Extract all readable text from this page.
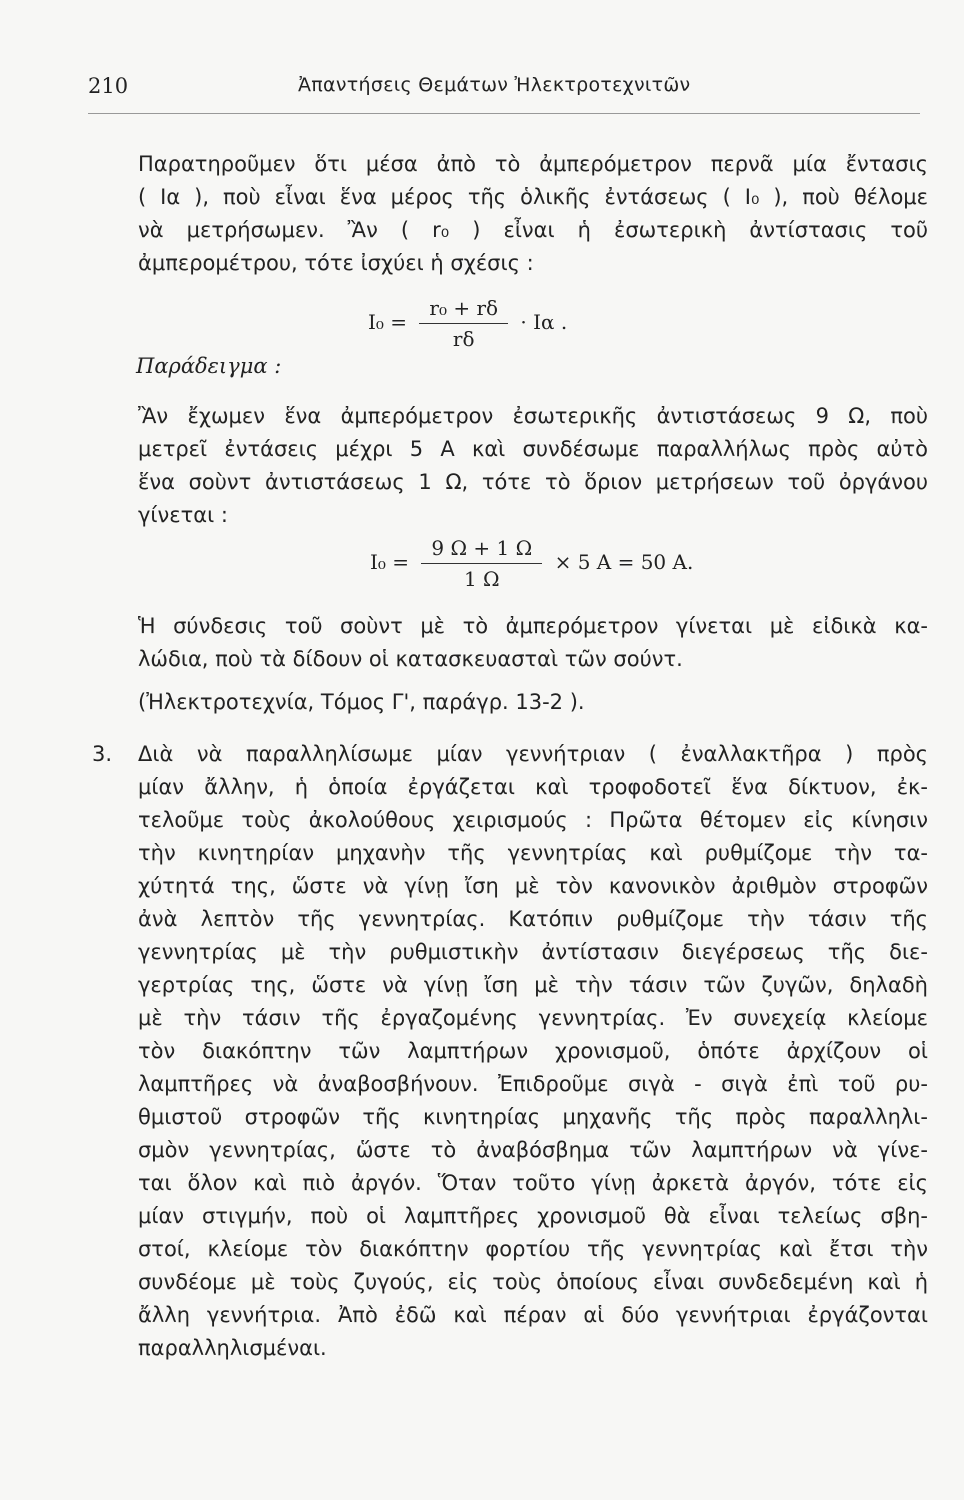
210	Ἀπαντήσεις Θεμάτων Ἠλεκτροτεχνιτῶν
Παρατηροῦμεν ὅτι μέσα ἀπὸ τὸ ἀμπερόμετρον περνᾶ μία ἔντασις
( Iα ), ποὺ εἶναι ἕνα μέρος τῆς ὁλικῆς ἐντάσεως ( I₀ ), ποὺ θέλομε
νὰ μετρήσωμεν. Ἂν ( r₀ ) εἶναι ἡ ἐσωτερικὴ ἀντίστασις τοῦ
ἀμπερομέτρου, τότε ἰσχύει ἡ σχέσις :
$I_0 = \frac{\text{r₀ + rδ}}{r\delta} \cdot I\alpha$ .
Παράδειγμα :
Ἂν ἔχωμεν ἕνα ἀμπερόμετρον ἐσωτερικῆς ἀντιστάσεως 9 Ω, ποὺ
μετρεῖ ἐντάσεις μέχρι 5 A καὶ συνδέσωμε παραλλήλως πρὸς αὐτὸ
ἕνα σοὺντ ἀντιστάσεως 1 Ω, τότε τὸ ὅριον μετρήσεων τοῦ ὀργάνου
γίνεται :
$I_0 = \frac{9 \Omega + 1 \Omega}{1 \Omega} \times 5$ A = 50 A.
Ἡ σύνδεσις τοῦ σοὺντ μὲ τὸ ἀμπερόμετρον γίνεται μὲ εἰδικὰ κα-
λώδια, ποὺ τὰ δίδουν οἱ κατασκευασταὶ τῶν σούντ.
(Ἠλεκτροτεχνία, Τόμος Γ', παράγρ. 13-2 ).
3. Διὰ νὰ παραλληλίσωμε μίαν γεννήτριαν ( ἐναλλακτῆρα ) πρὸς
μίαν ἄλλην, ἡ ὁποία ἐργάζεται καὶ τροφοδοτεῖ ἕνα δίκτυον, ἐκ-
τελοῦμε τοὺς ἀκολούθους χειρισμούς : Πρῶτα θέτομεν εἰς κίνησιν
τὴν κινητηρίαν μηχανὴν τῆς γεννητρίας καὶ ρυθμίζομε τὴν τα-
χύτητά της, ὥστε νὰ γίνῃ ἴση μὲ τὸν κανονικὸν ἀριθμὸν στροφῶν
ἀνὰ λεπτὸν τῆς γεννητρίας. Κατόπιν ρυθμίζομε τὴν τάσιν τῆς
γεννητρίας μὲ τὴν ρυθμιστικὴν ἀντίστασιν διεγέρσεως τῆς διε-
γερτρίας της, ὥστε νὰ γίνῃ ἴση μὲ τὴν τάσιν τῶν ζυγῶν, δηλαδὴ
μὲ τὴν τάσιν τῆς ἐργαζομένης γεννητρίας. Ἐν συνεχείᾳ κλείομε
τὸν διακόπτην τῶν λαμπτήρων χρονισμοῦ, ὁπότε ἀρχίζουν οἱ
λαμπτῆρες νὰ ἀναβοσβήνουν. Ἐπιδροῦμε σιγὰ - σιγὰ ἐπὶ τοῦ ρυ-
θμιστοῦ στροφῶν τῆς κινητηρίας μηχανῆς τῆς πρὸς παραλληλι-
σμὸν γεννητρίας, ὥστε τὸ ἀναβόσβημα τῶν λαμπτήρων νὰ γίνε-
ται ὅλον καὶ πιὸ ἀργόν. Ὅταν τοῦτο γίνῃ ἀρκετὰ ἀργόν, τότε εἰς
μίαν στιγμήν, ποὺ οἱ λαμπτῆρες χρονισμοῦ θὰ εἶναι τελείως σβη-
στοί, κλείομε τὸν διακόπτην φορτίου τῆς γεννητρίας καὶ ἔτσι τὴν
συνδέομε μὲ τοὺς ζυγούς, εἰς τοὺς ὁποίους εἶναι συνδεδεμένη καὶ ἡ
ἄλλη γεννήτρια. Ἀπὸ ἐδῶ καὶ πέραν αἱ δύο γεννήτριαι ἐργάζονται
παραλληλισμέναι.
